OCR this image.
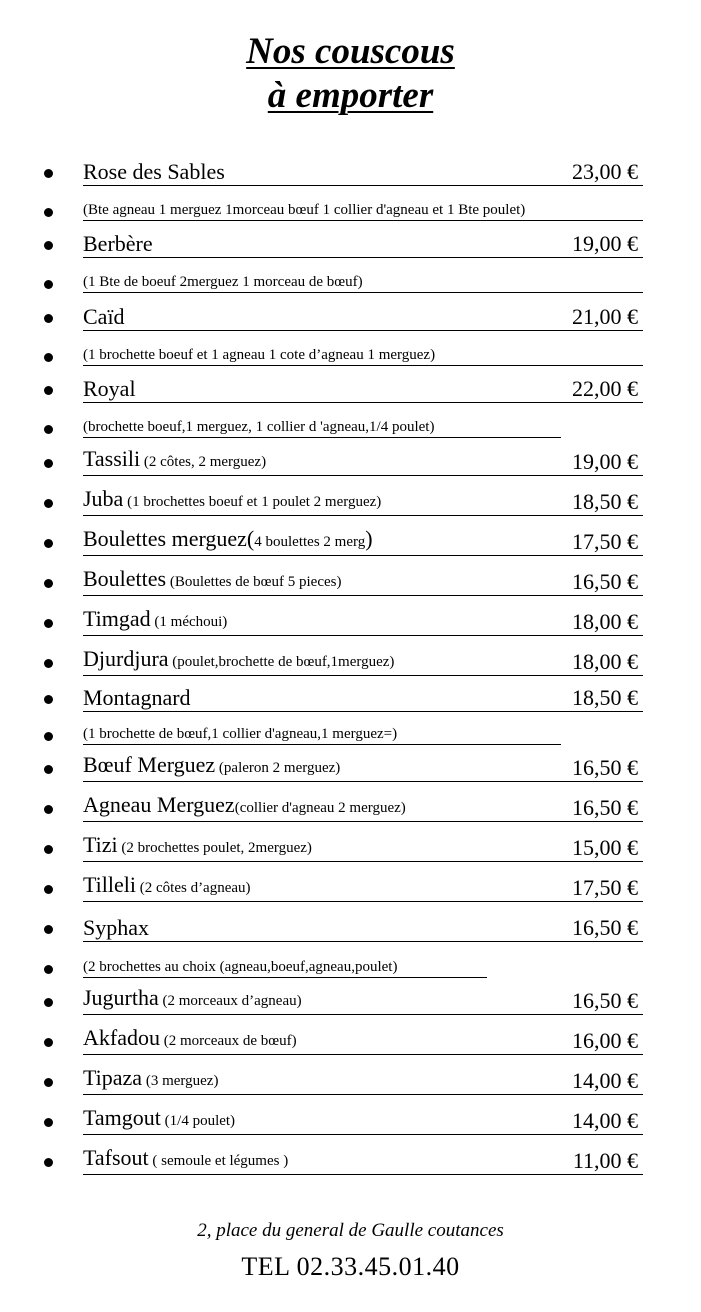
Nos couscous
à emporter
Rose des Sables	23,00 €
(Bte agneau 1 merguez 1morceau bœuf 1 collier d'agneau et 1 Bte poulet)
Berbère	19,00 €
(1 Bte de boeuf 2merguez 1 morceau de bœuf)
Caïd	21,00 €
(1 brochette boeuf et 1 agneau 1 cote d’agneau 1 merguez)
Royal	22,00 €
(brochette boeuf,1 merguez, 1 collier d 'agneau,1/4 poulet)
Tassili (2 côtes, 2 merguez)	19,00 €
Juba (1 brochettes boeuf et 1 poulet 2 merguez)	18,50 €
Boulettes merguez(4 boulettes 2 merg)	17,50 €
Boulettes (Boulettes de bœuf 5 pieces)	16,50 €
Timgad (1 méchoui)	18,00 €
Djurdjura (poulet,brochette de bœuf,1merguez)	18,00 €
Montagnard	18,50 €
(1 brochette de bœuf,1 collier d'agneau,1 merguez=)
Bœuf Merguez (paleron 2 merguez)	16,50 €
Agneau Merguez(collier d'agneau 2 merguez)	16,50 €
Tizi (2 brochettes poulet, 2merguez)	15,00 €
Tilleli (2 côtes d’agneau)	17,50 €
Syphax	16,50 €
(2 brochettes au choix (agneau,boeuf,agneau,poulet)
Jugurtha (2 morceaux d’agneau)	16,50 €
Akfadou (2 morceaux de bœuf)	16,00 €
Tipaza (3 merguez)	14,00 €
Tamgout (1/4 poulet)	14,00 €
Tafsout ( semoule et légumes )	11,00 €
2, place du general de Gaulle coutances
TEL 02.33.45.01.40
